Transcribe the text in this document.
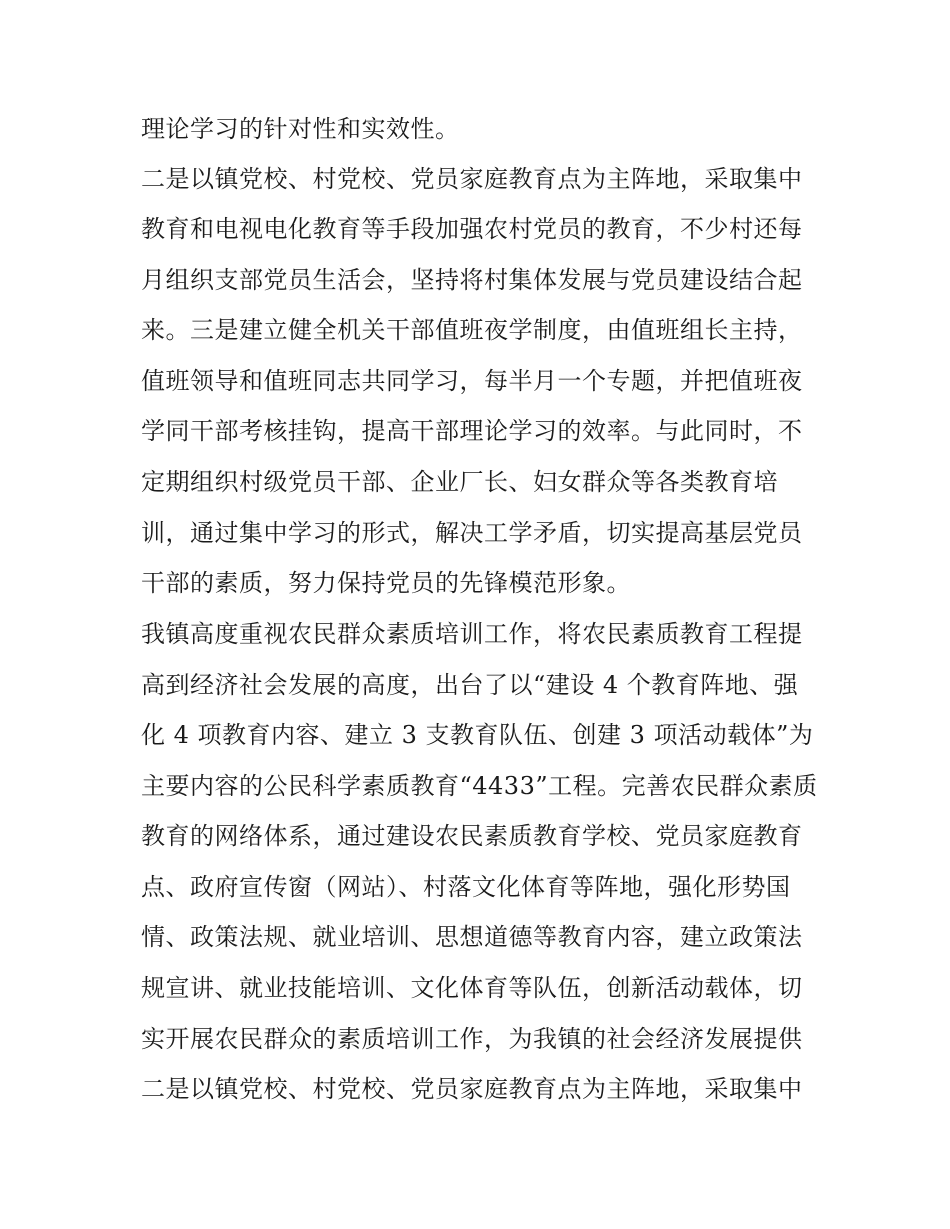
理论学习的针对性和实效性。
二是以镇党校、村党校、党员家庭教育点为主阵地，采取集中
教育和电视电化教育等手段加强农村党员的教育，不少村还每
月组织支部党员生活会，坚持将村集体发展与党员建设结合起
来。三是建立健全机关干部值班夜学制度，由值班组长主持，
值班领导和值班同志共同学习，每半月一个专题，并把值班夜
学同干部考核挂钩，提高干部理论学习的效率。与此同时，不
定期组织村级党员干部、企业厂长、妇女群众等各类教育培
训，通过集中学习的形式，解决工学矛盾，切实提高基层党员
干部的素质，努力保持党员的先锋模范形象。
我镇高度重视农民群众素质培训工作，将农民素质教育工程提
高到经济社会发展的高度，出台了以“建设 4 个教育阵地、强
化 4 项教育内容、建立 3 支教育队伍、创建 3 项活动载体”为
主要内容的公民科学素质教育“4433”工程。完善农民群众素质
教育的网络体系，通过建设农民素质教育学校、党员家庭教育
点、政府宣传窗（网站）、村落文化体育等阵地，强化形势国
情、政策法规、就业培训、思想道德等教育内容，建立政策法
规宣讲、就业技能培训、文化体育等队伍，创新活动载体，切
实开展农民群众的素质培训工作，为我镇的社会经济发展提供
二是以镇党校、村党校、党员家庭教育点为主阵地，采取集中
